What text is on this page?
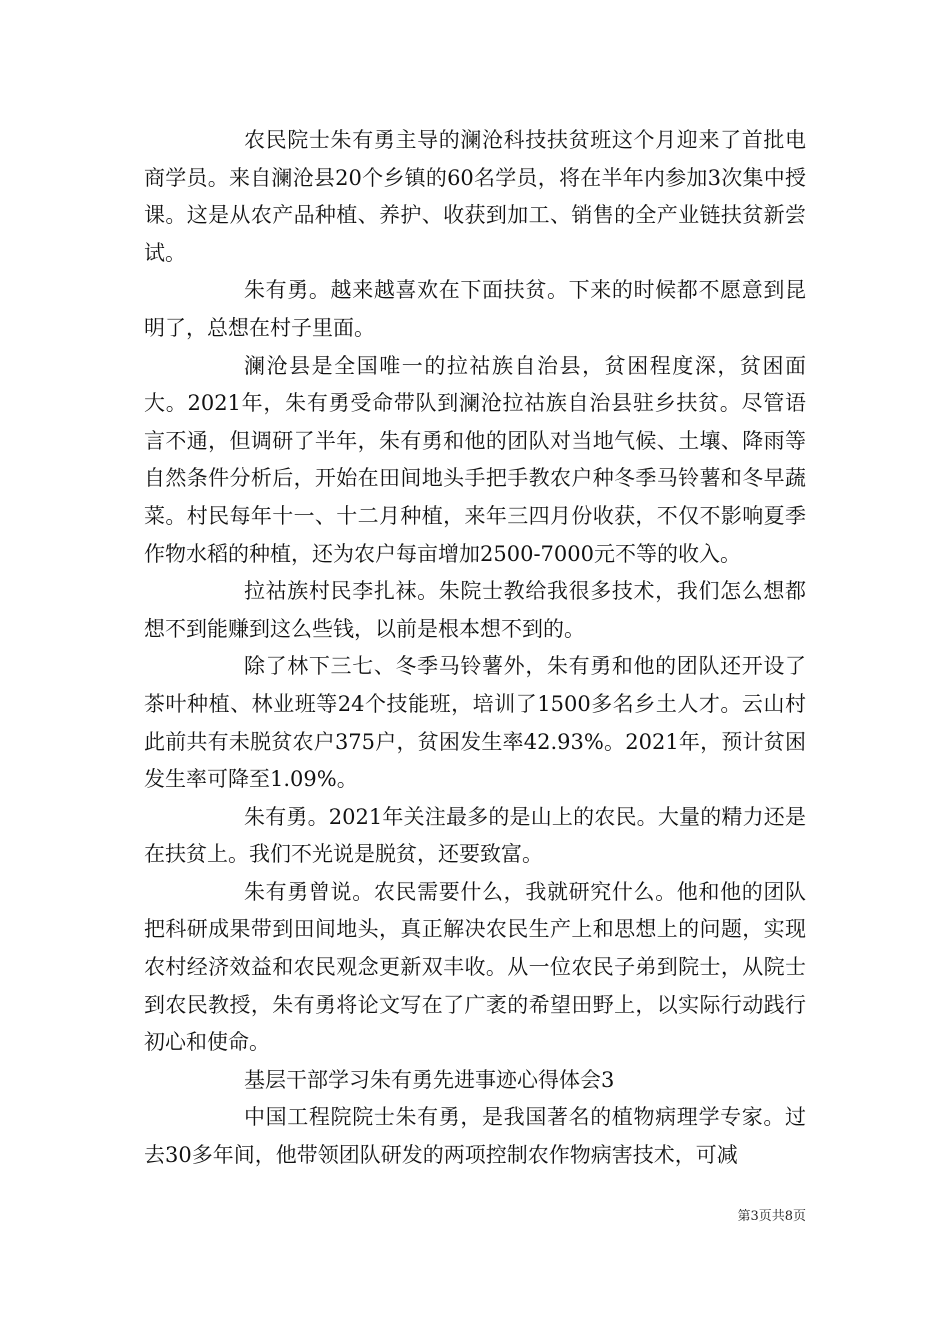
农民院士朱有勇主导的澜沧科技扶贫班这个月迎来了首批电商学员。来自澜沧县20个乡镇的60名学员，将在半年内参加3次集中授课。这是从农产品种植、养护、收获到加工、销售的全产业链扶贫新尝试。

朱有勇。越来越喜欢在下面扶贫。下来的时候都不愿意到昆明了，总想在村子里面。

澜沧县是全国唯一的拉祜族自治县，贫困程度深，贫困面大。2021年，朱有勇受命带队到澜沧拉祜族自治县驻乡扶贫。尽管语言不通，但调研了半年，朱有勇和他的团队对当地气候、土壤、降雨等自然条件分析后，开始在田间地头手把手教农户种冬季马铃薯和冬早蔬菜。村民每年十一、十二月种植，来年三四月份收获，不仅不影响夏季作物水稻的种植，还为农户每亩增加2500-7000元不等的收入。

拉祜族村民李扎袜。朱院士教给我很多技术，我们怎么想都想不到能赚到这么些钱，以前是根本想不到的。

除了林下三七、冬季马铃薯外，朱有勇和他的团队还开设了茶叶种植、林业班等24个技能班，培训了1500多名乡土人才。云山村此前共有未脱贫农户375户，贫困发生率42.93%。2021年，预计贫困发生率可降至1.09%。

朱有勇。2021年关注最多的是山上的农民。大量的精力还是在扶贫上。我们不光说是脱贫，还要致富。

朱有勇曾说。农民需要什么，我就研究什么。他和他的团队把科研成果带到田间地头，真正解决农民生产上和思想上的问题，实现农村经济效益和农民观念更新双丰收。从一位农民子弟到院士，从院士到农民教授，朱有勇将论文写在了广袤的希望田野上，以实际行动践行初心和使命。

基层干部学习朱有勇先进事迹心得体会3

中国工程院院士朱有勇，是我国著名的植物病理学专家。过去30多年间，他带领团队研发的两项控制农作物病害技术，可减

第3页共8页
